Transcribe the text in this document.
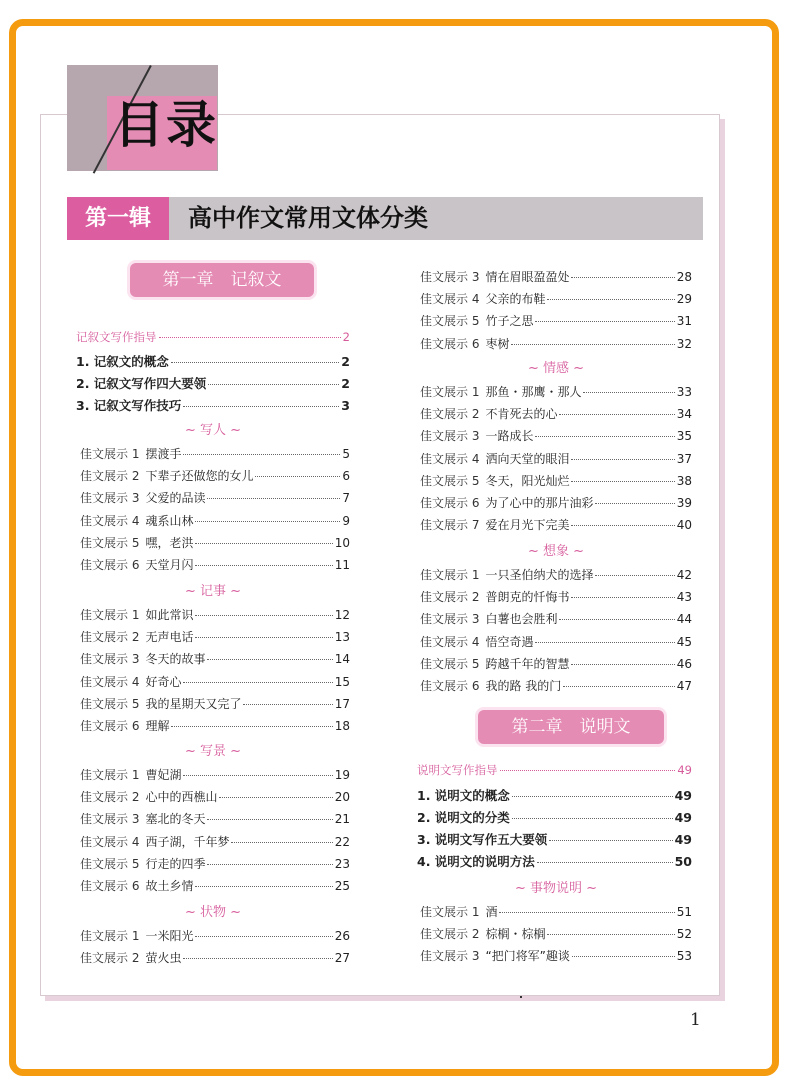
目录
第一辑	高中作文常用文体分类
第一章　记叙文
记叙文写作指导	2
1. 记叙文的概念	2
2. 记叙文写作四大要领	2
3. 记叙文写作技巧	3
~ 写人 ~
佳文展示 1 摆渡手	5
佳文展示 2 下辈子还做您的女儿	6
佳文展示 3 父爱的品读	7
佳文展示 4 魂系山林	9
佳文展示 5 嘿，老洪	10
佳文展示 6 天堂月闪	11
~ 记事 ~
佳文展示 1 如此常识	12
佳文展示 2 无声电话	13
佳文展示 3 冬天的故事	14
佳文展示 4 好奇心	15
佳文展示 5 我的星期天又完了	17
佳文展示 6 理解	18
~ 写景 ~
佳文展示 1 曹妃湖	19
佳文展示 2 心中的西樵山	20
佳文展示 3 塞北的冬天	21
佳文展示 4 西子湖，千年梦	22
佳文展示 5 行走的四季	23
佳文展示 6 故土乡情	25
~ 状物 ~
佳文展示 1 一米阳光	26
佳文展示 2 萤火虫	27
佳文展示 3 情在眉眼盈盈处	28
佳文展示 4 父亲的布鞋	29
佳文展示 5 竹子之思	31
佳文展示 6 枣树	32
~ 情感 ~
佳文展示 1 那鱼・那鹰・那人	33
佳文展示 2 不肯死去的心	34
佳文展示 3 一路成长	35
佳文展示 4 洒向天堂的眼泪	37
佳文展示 5 冬天，阳光灿烂	38
佳文展示 6 为了心中的那片油彩	39
佳文展示 7 爱在月光下完美	40
~ 想象 ~
佳文展示 1 一只圣伯纳犬的选择	42
佳文展示 2 普朗克的忏悔书	43
佳文展示 3 白薯也会胜利	44
佳文展示 4 悟空奇遇	45
佳文展示 5 跨越千年的智慧	46
佳文展示 6 我的路 我的门	47
第二章　说明文
说明文写作指导	49
1. 说明文的概念	49
2. 说明文的分类	49
3. 说明文写作五大要领	49
4. 说明文的说明方法	50
~ 事物说明 ~
佳文展示 1 酒	51
佳文展示 2 棕榈・棕榈	52
佳文展示 3 “把门将军”趣谈	53
1
